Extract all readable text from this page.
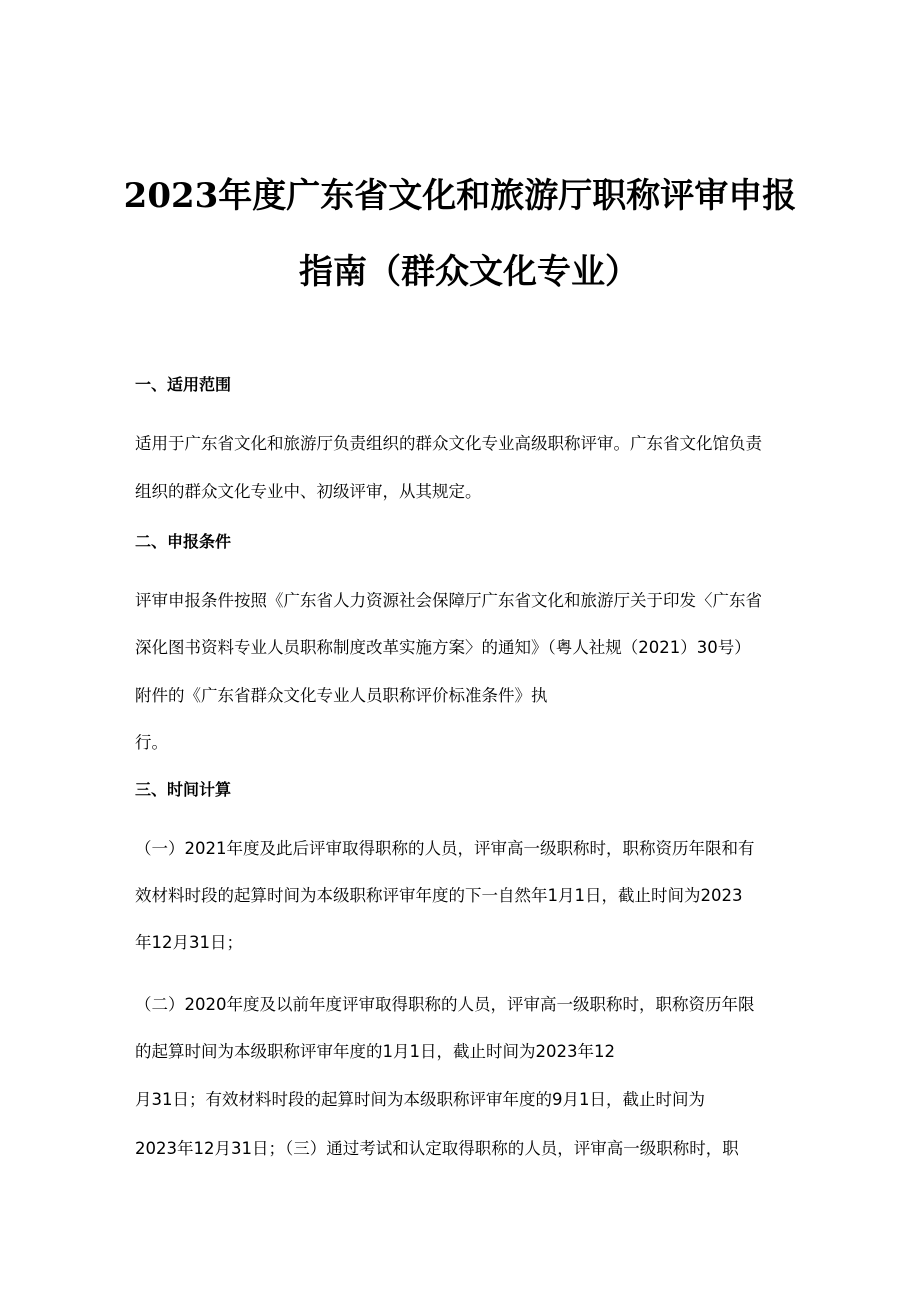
2023年度广东省文化和旅游厅职称评审申报
指南（群众文化专业）
一、适用范围
适用于广东省文化和旅游厅负责组织的群众文化专业高级职称评审。广东省文化馆负责
组织的群众文化专业中、初级评审，从其规定。
二、申报条件
评审申报条件按照《广东省人力资源社会保障厅广东省文化和旅游厅关于印发〈广东省
深化图书资料专业人员职称制度改革实施方案〉的通知》（粤人社规（2021）30号）
附件的《广东省群众文化专业人员职称评价标准条件》执
行。
三、时间计算
（一）2021年度及此后评审取得职称的人员，评审高一级职称时，职称资历年限和有
效材料时段的起算时间为本级职称评审年度的下一自然年1月1日，截止时间为2023
年12月31日；
（二）2020年度及以前年度评审取得职称的人员，评审高一级职称时，职称资历年限
的起算时间为本级职称评审年度的1月1日，截止时间为2023年12
月31日；有效材料时段的起算时间为本级职称评审年度的9月1日，截止时间为
2023年12月31日；（三）通过考试和认定取得职称的人员，评审高一级职称时，职
